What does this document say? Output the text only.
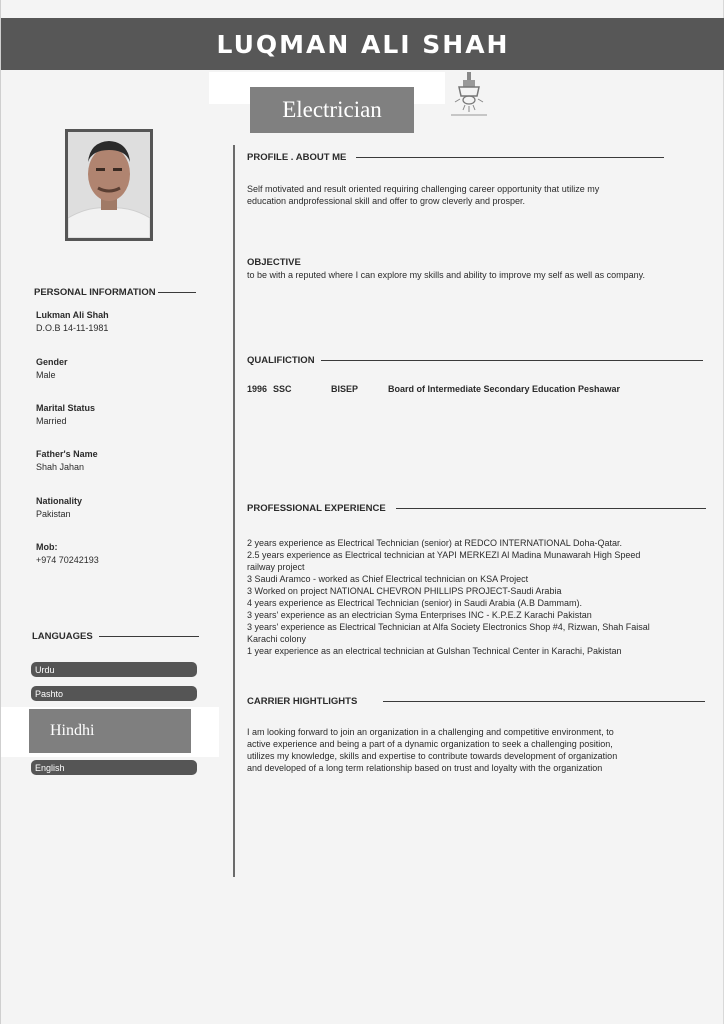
LUQMAN ALI SHAH
Electrician
PERSONAL INFORMATION
Lukman Ali Shah
D.O.B 14-11-1981
Gender
Male
Marital Status
Married
Father's Name
Shah Jahan
Nationality
Pakistan
Mob:
+974 70242193
LANGUAGES
Urdu
Pashto
Hindhi
English
PROFILE . ABOUT ME
Self motivated and result oriented requiring challenging career opportunity that utilize my
education andprofessional skill and offer to grow cleverly and prosper.
OBJECTIVE
to be with a reputed where I can explore my skills and ability to improve my self as well as company.
QUALIFICTION
1996 SSC	BISEP	Board of Intermediate Secondary Education Peshawar
PROFESSIONAL EXPERIENCE
2 years experience as Electrical Technician (senior) at REDCO INTERNATIONAL Doha-Qatar.
2.5 years experience as Electrical technician at YAPI MERKEZI Al Madina Munawarah High Speed
railway project
3 Saudi Aramco - worked as Chief Electrical technician on KSA Project
3 Worked on project NATIONAL CHEVRON PHILLIPS PROJECT-Saudi Arabia
4 years experience as Electrical Technician (senior) in Saudi Arabia (A.B Dammam).
3 years' experience as an electrician Syma Enterprises INC - K.P.E.Z Karachi Pakistan
3 years' experience as Electrical Technician at Alfa Society Electronics Shop #4, Rizwan, Shah Faisal
Karachi colony
1 year experience as an electrical technician at Gulshan Technical Center in Karachi, Pakistan
CARRIER HIGHTLIGHTS
I am looking forward to join an organization in a challenging and competitive environment, to
active experience and being a part of a dynamic organization to seek a challenging position,
utilizes my knowledge, skills and expertise to contribute towards development of organization
and developed of a long term relationship based on trust and loyalty with the organization
